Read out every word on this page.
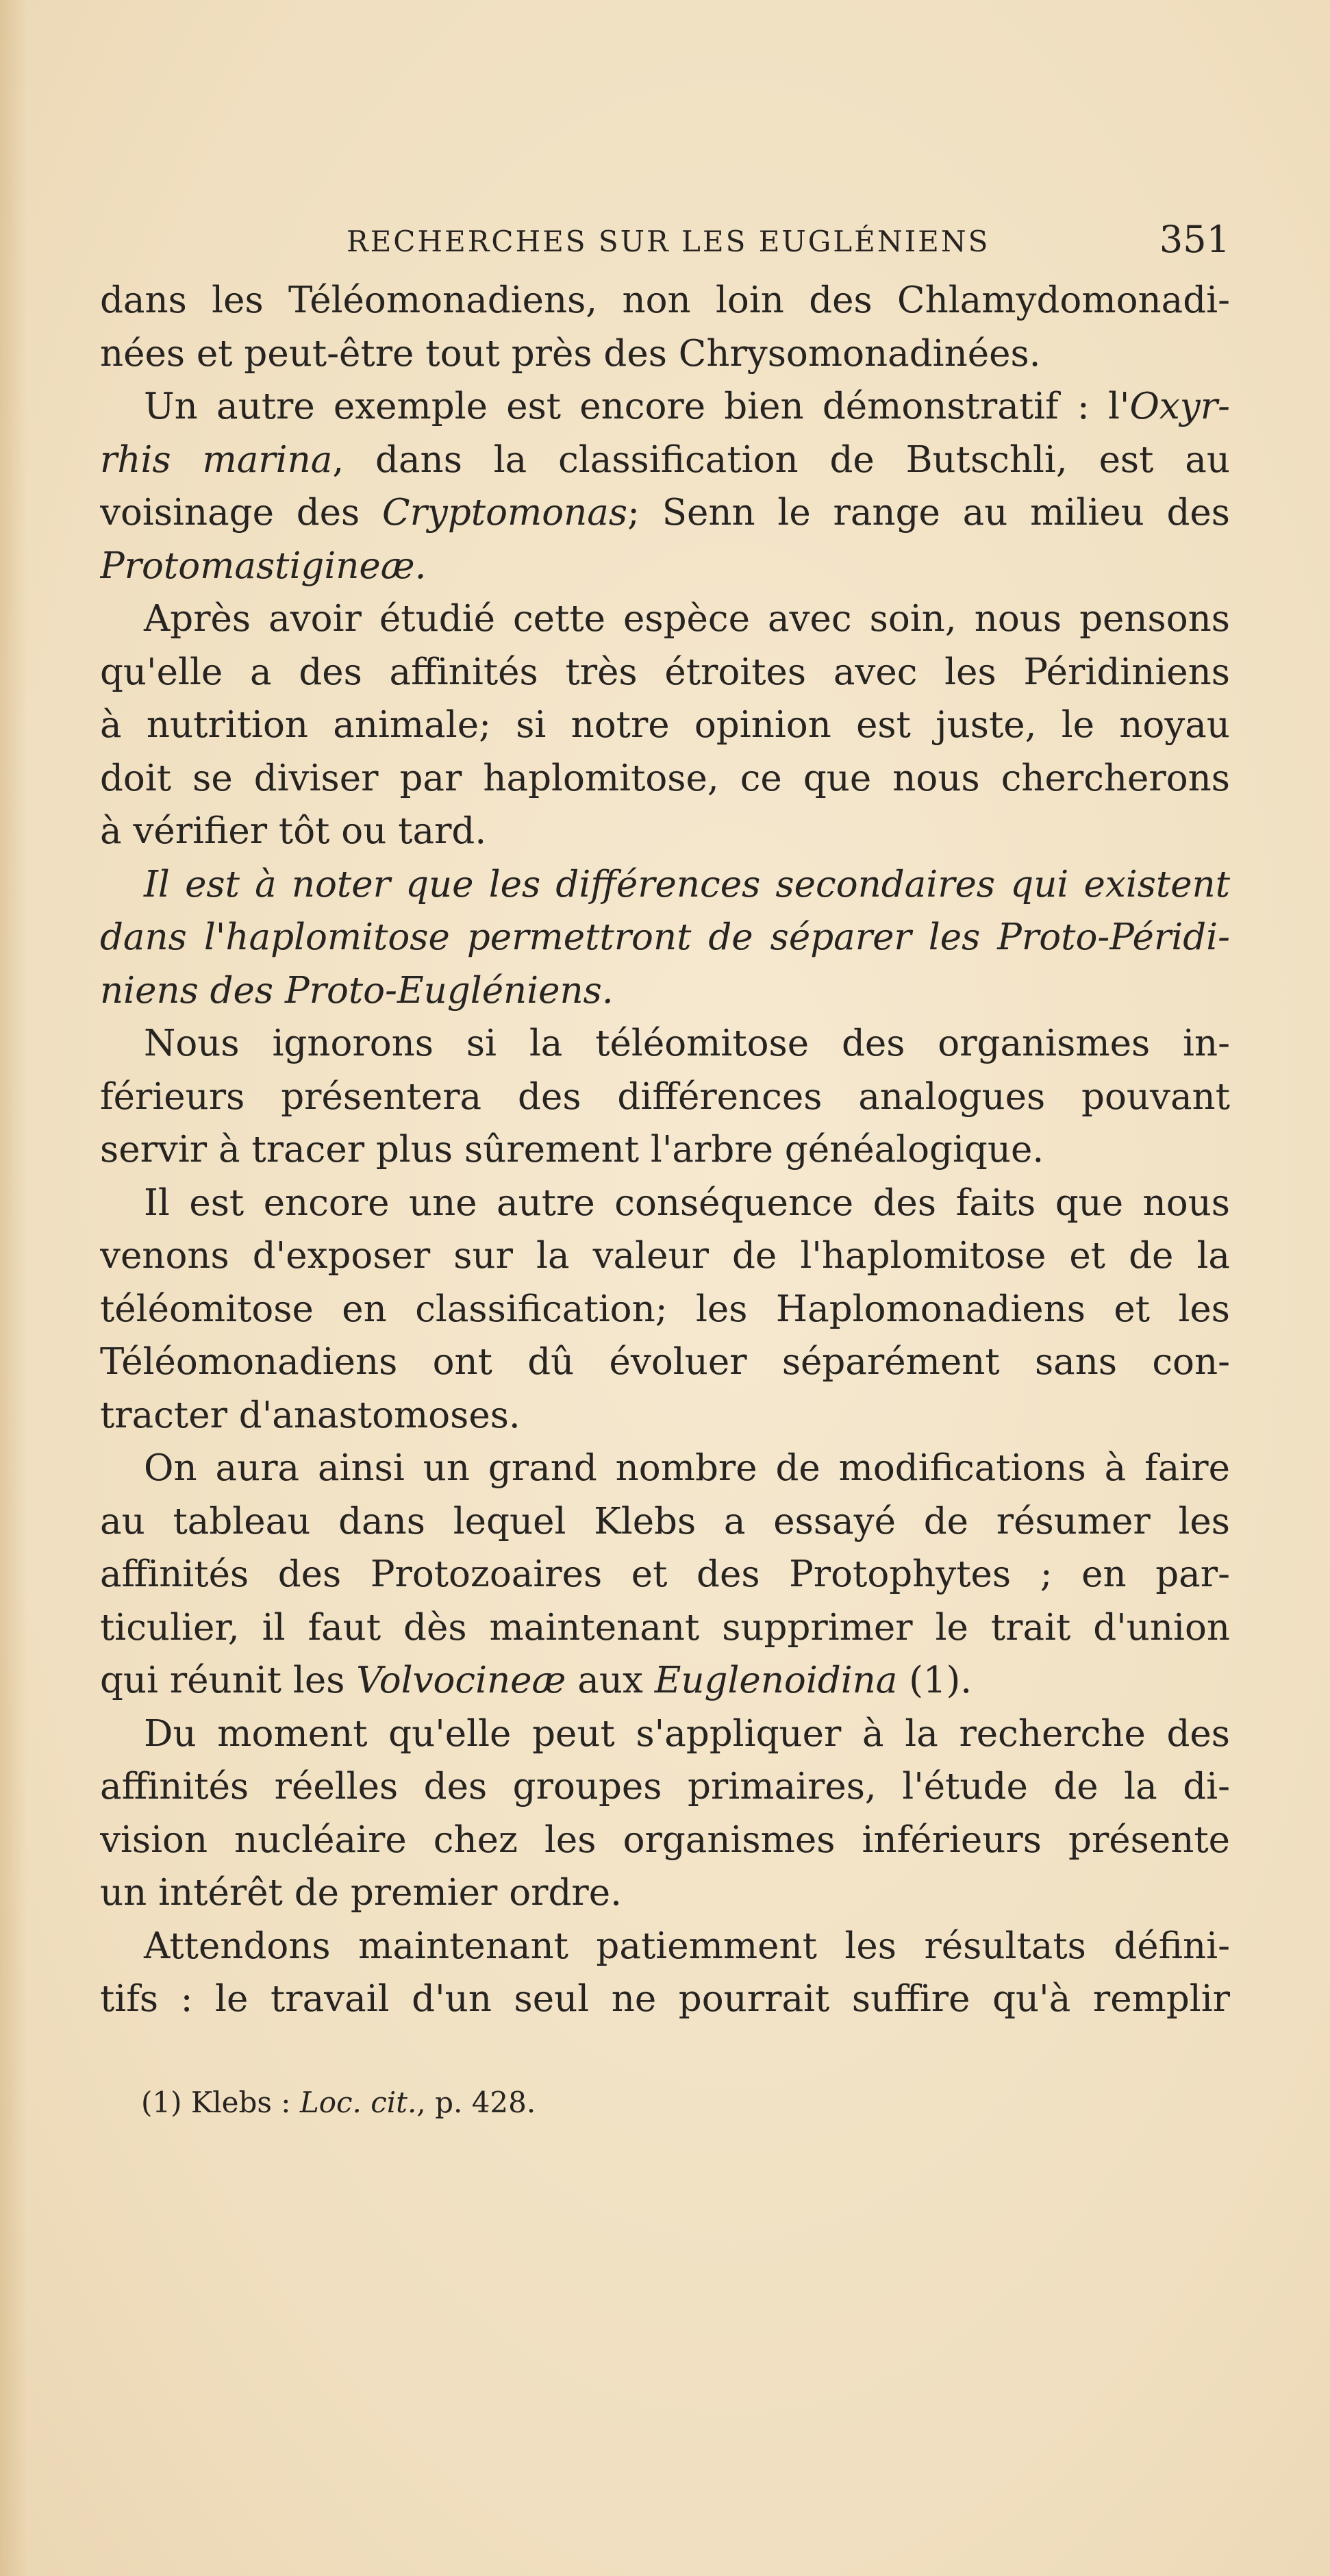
RECHERCHES SUR LES EUGLÉNIENS	351
dans les Téléomonadiens, non loin des Chlamydomonadi-
nées et peut-être tout près des Chrysomonadinées.
Un autre exemple est encore bien démonstratif : l'Oxyr-
rhis marina, dans la classification de Butschli, est au
voisinage des Cryptomonas; Senn le range au milieu des
Protomastigineæ.
Après avoir étudié cette espèce avec soin, nous pensons
qu'elle a des affinités très étroites avec les Péridiniens
à nutrition animale; si notre opinion est juste, le noyau
doit se diviser par haplomitose, ce que nous chercherons
à vérifier tôt ou tard.
Il est à noter que les différences secondaires qui existent
dans l'haplomitose permettront de séparer les Proto-Péridi-
niens des Proto-Eugléniens.
Nous ignorons si la téléomitose des organismes in-
férieurs présentera des différences analogues pouvant
servir à tracer plus sûrement l'arbre généalogique.
Il est encore une autre conséquence des faits que nous
venons d'exposer sur la valeur de l'haplomitose et de la
téléomitose en classification; les Haplomonadiens et les
Téléomonadiens ont dû évoluer séparément sans con-
tracter d'anastomoses.
On aura ainsi un grand nombre de modifications à faire
au tableau dans lequel Klebs a essayé de résumer les
affinités des Protozoaires et des Protophytes ; en par-
ticulier, il faut dès maintenant supprimer le trait d'union
qui réunit les Volvocineæ aux Euglenoidina (1).
Du moment qu'elle peut s'appliquer à la recherche des
affinités réelles des groupes primaires, l'étude de la di-
vision nucléaire chez les organismes inférieurs présente
un intérêt de premier ordre.
Attendons maintenant patiemment les résultats défini-
tifs : le travail d'un seul ne pourrait suffire qu'à remplir
(1) Klebs : Loc. cit., p. 428.
